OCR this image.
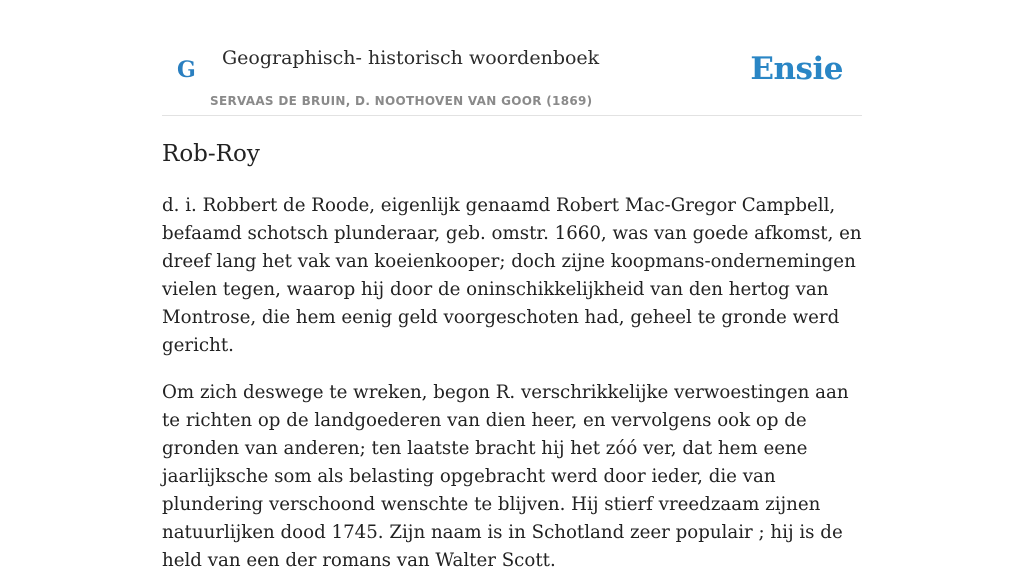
G Geographisch- historisch woordenboek
SERVAAS DE BRUIN, D. NOOTHOVEN VAN GOOR (1869)
Ensie
Rob-Roy

d. i. Robbert de Roode, eigenlijk genaamd Robert Mac-Gregor Campbell, befaamd schotsch plunderaar, geb. omstr. 1660, was van goede afkomst, en dreef lang het vak van koeienkooper; doch zijne koopmans-ondernemingen vielen tegen, waarop hij door de oninschikkelijkheid van den hertog van Montrose, die hem eenig geld voorgeschoten had, geheel te gronde werd gericht.

Om zich deswege te wreken, begon R. verschrikkelijke verwoestingen aan te richten op de landgoederen van dien heer, en vervolgens ook op de gronden van anderen; ten laatste bracht hij het zóó ver, dat hem eene jaarlijksche som als belasting opgebracht werd door ieder, die van plundering verschoond wenschte te blijven. Hij stierf vreedzaam zijnen natuurlijken dood 1745. Zijn naam is in Schotland zeer populair ; hij is de held van een der romans van Walter Scott.
